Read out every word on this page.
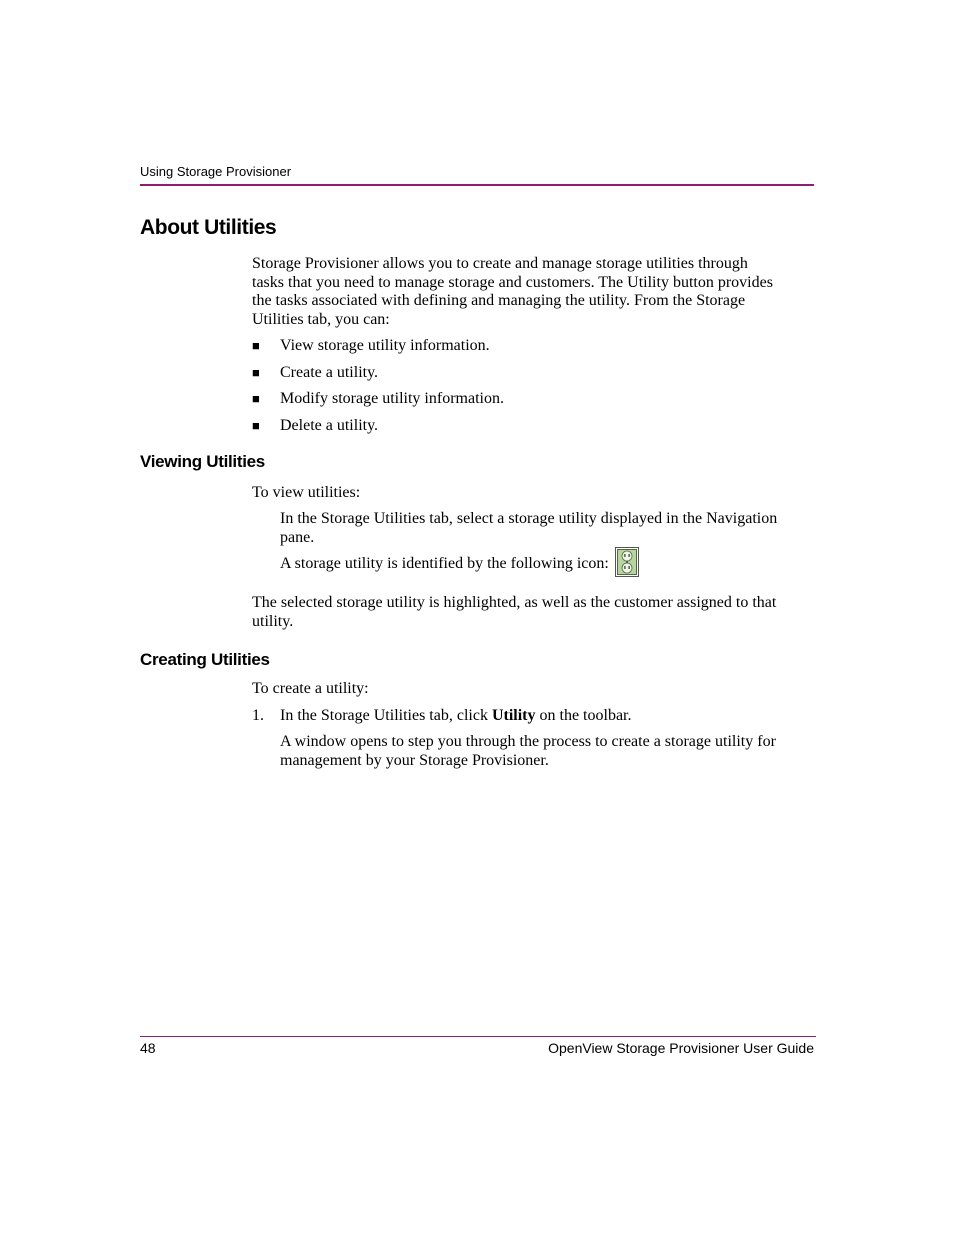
Using Storage Provisioner
About Utilities
Storage Provisioner allows you to create and manage storage utilities through
tasks that you need to manage storage and customers. The Utility button provides
the tasks associated with defining and managing the utility. From the Storage
Utilities tab, you can:
■ View storage utility information.
■ Create a utility.
■ Modify storage utility information.
■ Delete a utility.
Viewing Utilities
To view utilities:
In the Storage Utilities tab, select a storage utility displayed in the Navigation
pane.
A storage utility is identified by the following icon:
The selected storage utility is highlighted, as well as the customer assigned to that
utility.
Creating Utilities
To create a utility:
1. In the Storage Utilities tab, click Utility on the toolbar.
A window opens to step you through the process to create a storage utility for
management by your Storage Provisioner.
48	OpenView Storage Provisioner User Guide
